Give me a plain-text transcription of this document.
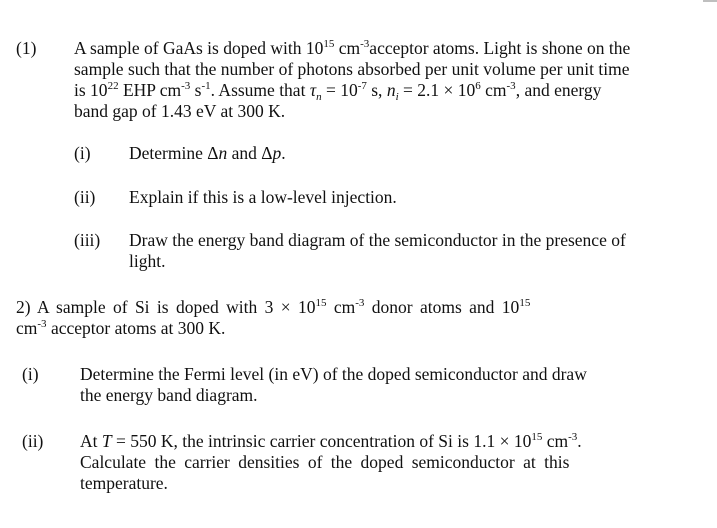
(1) A sample of GaAs is doped with $10^{15}$ $cm^{-3}acceptor$ atoms. Light is shone on the
sample such that the number of photons absorbed per unit volume per unit time
is $10^{22}$ EHP $cm^{-3}$ $s^{-1}$. Assume that $\tau_n = 10^{-7}$ s, $n_i = 2.1 \times 10^6$ $cm^{-3}$, and energy
band gap of 1.43 eV at 300 K.
(i) Determine Δn and Δp.
(ii) Explain if this is a low-level injection.
(iii) Draw the energy band diagram of the semiconductor in the presence of
light.
2) A sample of Si is doped with $3 \times 10^{15}$ $cm^{-3}$ donor atoms and $10^{15}$
$cm^{-3}$ acceptor atoms at 300 K.
(i) Determine the Fermi level (in eV) of the doped semiconductor and draw
the energy band diagram.
(ii) At T = 550 K, the intrinsic carrier concentration of Si is $1.1 \times 10^{15}$ $cm^{-3}$.
Calculate the carrier densities of the doped semiconductor at this
temperature.
